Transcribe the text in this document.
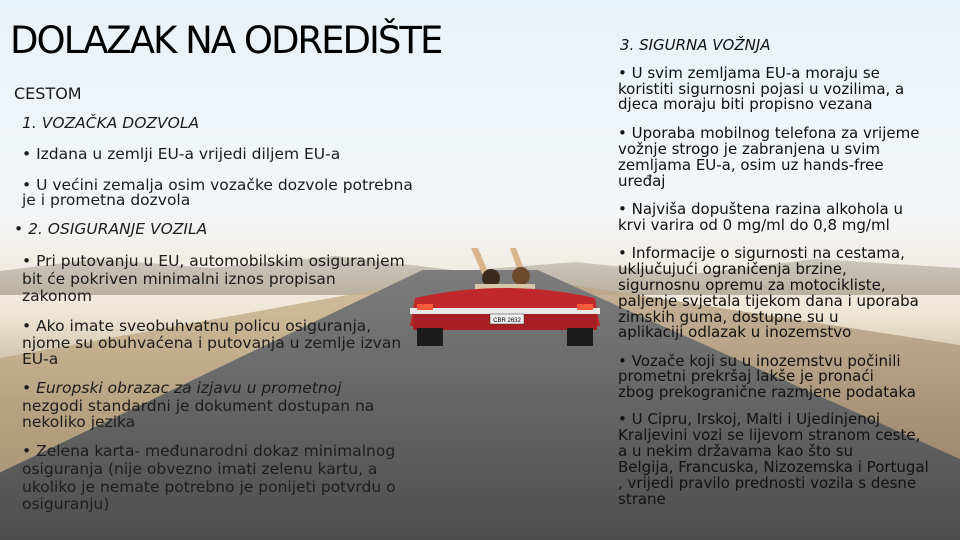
CBR 2632
DOLAZAK NA ODREDIŠTE
CESTOM
1. VOZAČKA DOZVOLA
• Izdana u zemlji EU-a vrijedi diljem EU-a
• U većini zemalja osim vozačke dozvole potrebna
je i prometna dozvola
• 2. OSIGURANJE VOZILA
• Pri putovanju u EU, automobilskim osiguranjem
bit će pokriven minimalni iznos propisan
zakonom
• Ako imate sveobuhvatnu policu osiguranja,
njome su obuhvaćena i putovanja u zemlje izvan
EU-a
• Europski obrazac za izjavu u prometnoj
nezgodi standardni je dokument dostupan na
nekoliko jezika
• Zelena karta- međunarodni dokaz minimalnog
osiguranja (nije obvezno imati zelenu kartu, a
ukoliko je nemate potrebno je ponijeti potvrdu o
osiguranju)
3. SIGURNA VOŽNJA
• U svim zemljama EU-a moraju se
koristiti sigurnosni pojasi u vozilima, a
djeca moraju biti propisno vezana
• Uporaba mobilnog telefona za vrijeme
vožnje strogo je zabranjena u svim
zemljama EU-a, osim uz hands-free
uređaj
• Najviša dopuštena razina alkohola u
krvi varira od 0 mg/ml do 0,8 mg/ml
• Informacije o sigurnosti na cestama,
uključujući ograničenja brzine,
sigurnosnu opremu za motocikliste,
paljenje svjetala tijekom dana i uporaba
zimskih guma, dostupne su u
aplikaciji odlazak u inozemstvo
• Vozače koji su u inozemstvu počinili
prometni prekršaj lakše je pronaći
zbog prekogranične razmjene podataka
• U Cipru, Irskoj, Malti i Ujedinjenoj
Kraljevini vozi se lijevom stranom ceste,
a u nekim državama kao što su
Belgija, Francuska, Nizozemska i Portugal
, vrijedi pravilo prednosti vozila s desne
strane
